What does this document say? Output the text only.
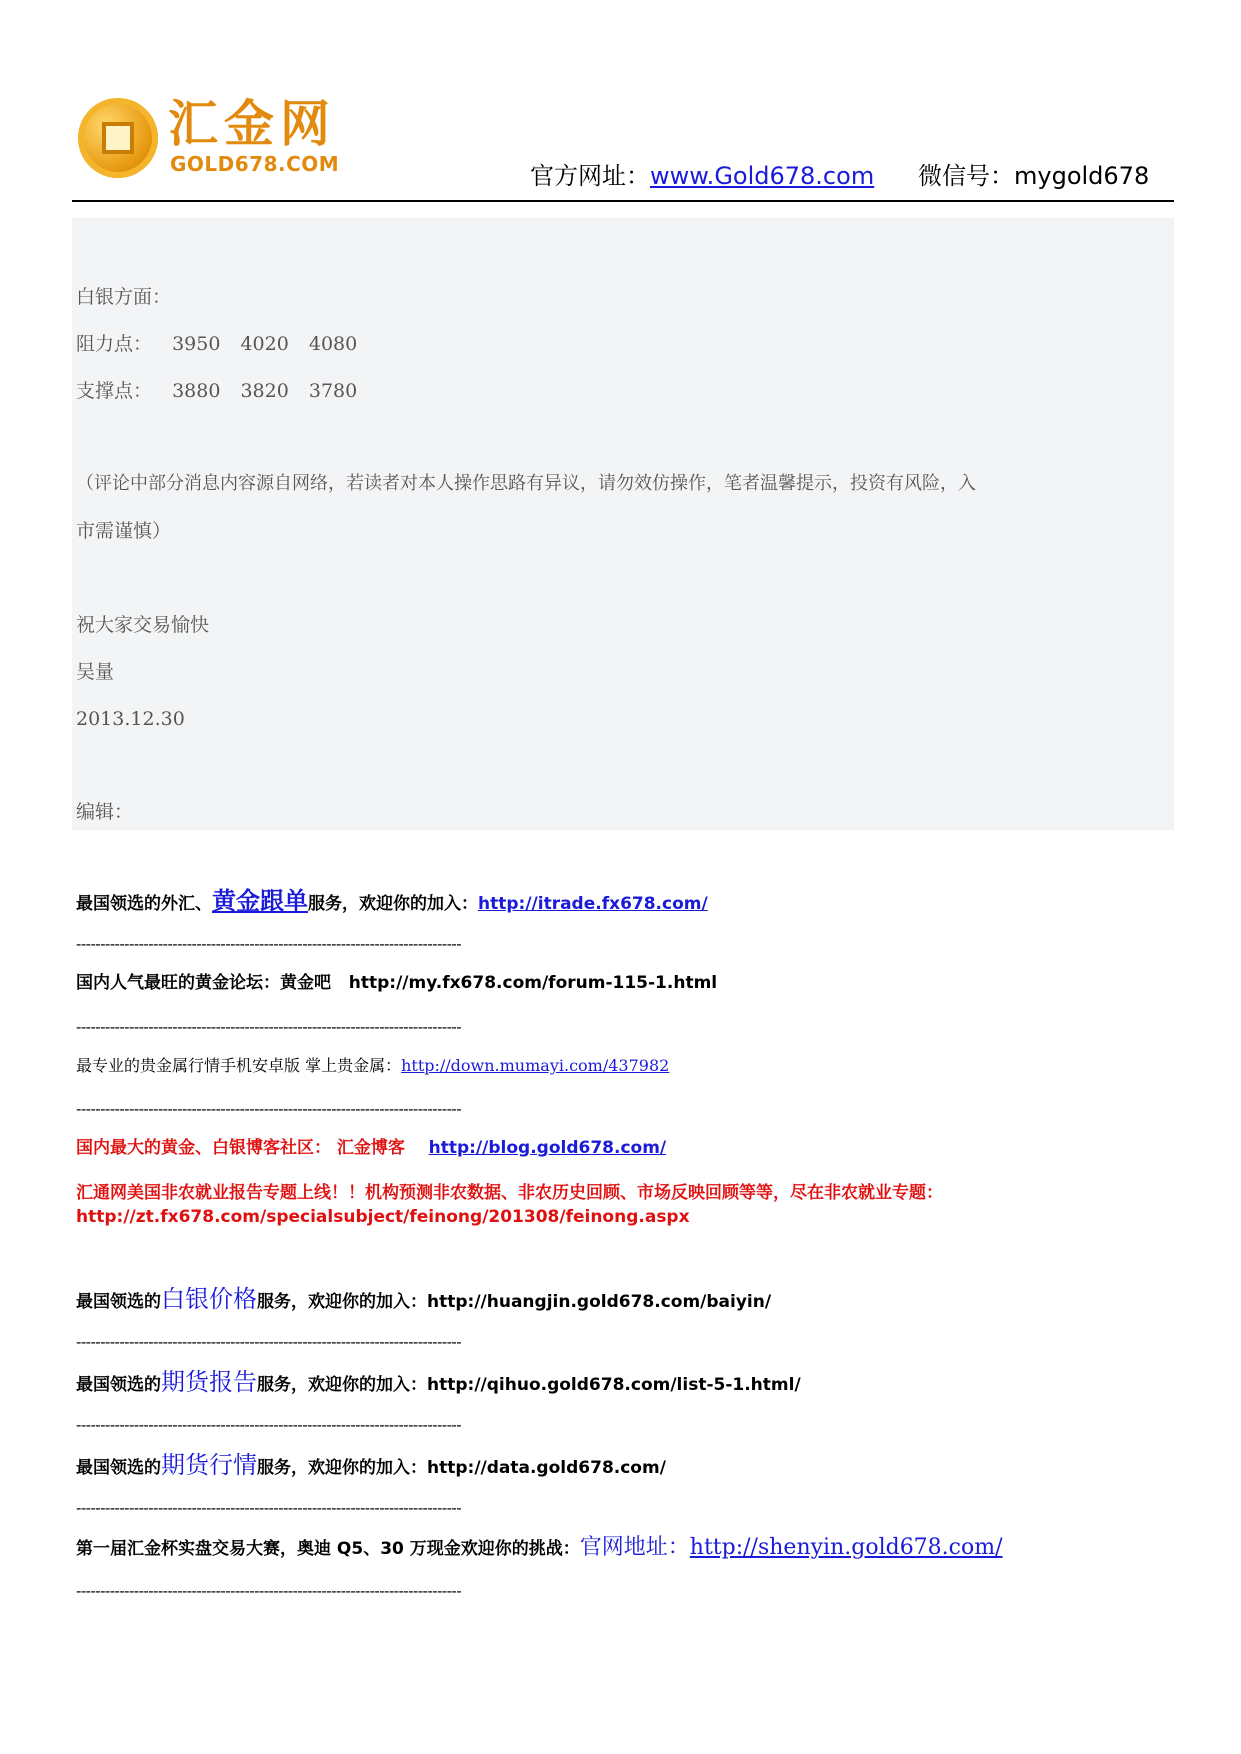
汇金网
GOLD678.COM	官方网址：www.Gold678.com 微信号：mygold678
白银方面：
阻力点： 3950 4020 4080
支撑点： 3880 3820 3780
（评论中部分消息内容源自网络，若读者对本人操作思路有异议，请勿效仿操作，笔者温馨提示，投资有风险，入
市需谨慎）
祝大家交易愉快
吴量
2013.12.30
编辑：
最国领选的外汇、黄金跟单服务，欢迎你的加入：http://itrade.fx678.com/
--------------------------------------------------------------------------------
国内人气最旺的黄金论坛：黄金吧 http://my.fx678.com/forum-115-1.html
--------------------------------------------------------------------------------
最专业的贵金属行情手机安卓版 掌上贵金属：http://down.mumayi.com/437982
--------------------------------------------------------------------------------
国内最大的黄金、白银博客社区： 汇金博客 http://blog.gold678.com/
汇通网美国非农就业报告专题上线！！机构预测非农数据、非农历史回顾、市场反映回顾等等，尽在非农就业专题：
http://zt.fx678.com/specialsubject/feinong/201308/feinong.aspx
最国领选的白银价格服务，欢迎你的加入：http://huangjin.gold678.com/baiyin/
--------------------------------------------------------------------------------
最国领选的期货报告服务，欢迎你的加入：http://qihuo.gold678.com/list-5-1.html/
--------------------------------------------------------------------------------
最国领选的期货行情服务，欢迎你的加入：http://data.gold678.com/
--------------------------------------------------------------------------------
第一届汇金杯实盘交易大赛，奥迪 Q5、30 万现金欢迎你的挑战：官网地址：http://shenyin.gold678.com/
--------------------------------------------------------------------------------
